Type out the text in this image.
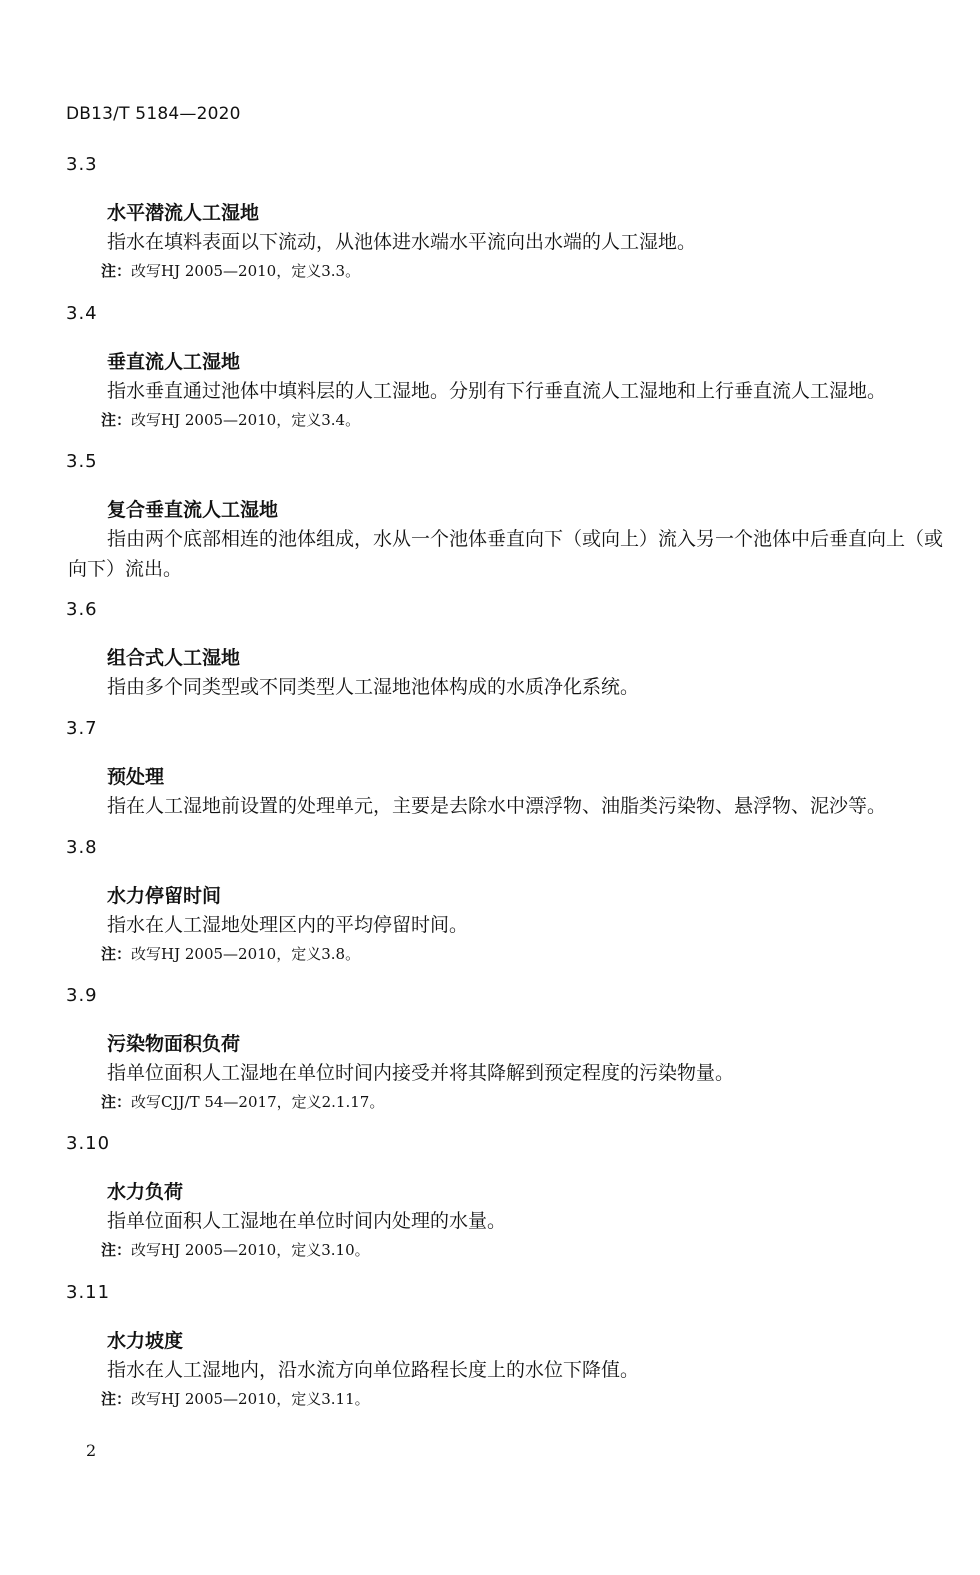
DB13/T 5184—2020
3.3
水平潜流人工湿地
指水在填料表面以下流动，从池体进水端水平流向出水端的人工湿地。
注：改写HJ 2005—2010，定义3.3。
3.4
垂直流人工湿地
指水垂直通过池体中填料层的人工湿地。分别有下行垂直流人工湿地和上行垂直流人工湿地。
注：改写HJ 2005—2010，定义3.4。
3.5
复合垂直流人工湿地
指由两个底部相连的池体组成，水从一个池体垂直向下（或向上）流入另一个池体中后垂直向上（或向下）流出。
3.6
组合式人工湿地
指由多个同类型或不同类型人工湿地池体构成的水质净化系统。
3.7
预处理
指在人工湿地前设置的处理单元，主要是去除水中漂浮物、油脂类污染物、悬浮物、泥沙等。
3.8
水力停留时间
指水在人工湿地处理区内的平均停留时间。
注：改写HJ 2005—2010，定义3.8。
3.9
污染物面积负荷
指单位面积人工湿地在单位时间内接受并将其降解到预定程度的污染物量。
注：改写CJJ/T 54—2017，定义2.1.17。
3.10
水力负荷
指单位面积人工湿地在单位时间内处理的水量。
注：改写HJ 2005—2010，定义3.10。
3.11
水力坡度
指水在人工湿地内，沿水流方向单位路程长度上的水位下降值。
注：改写HJ 2005—2010，定义3.11。
2
